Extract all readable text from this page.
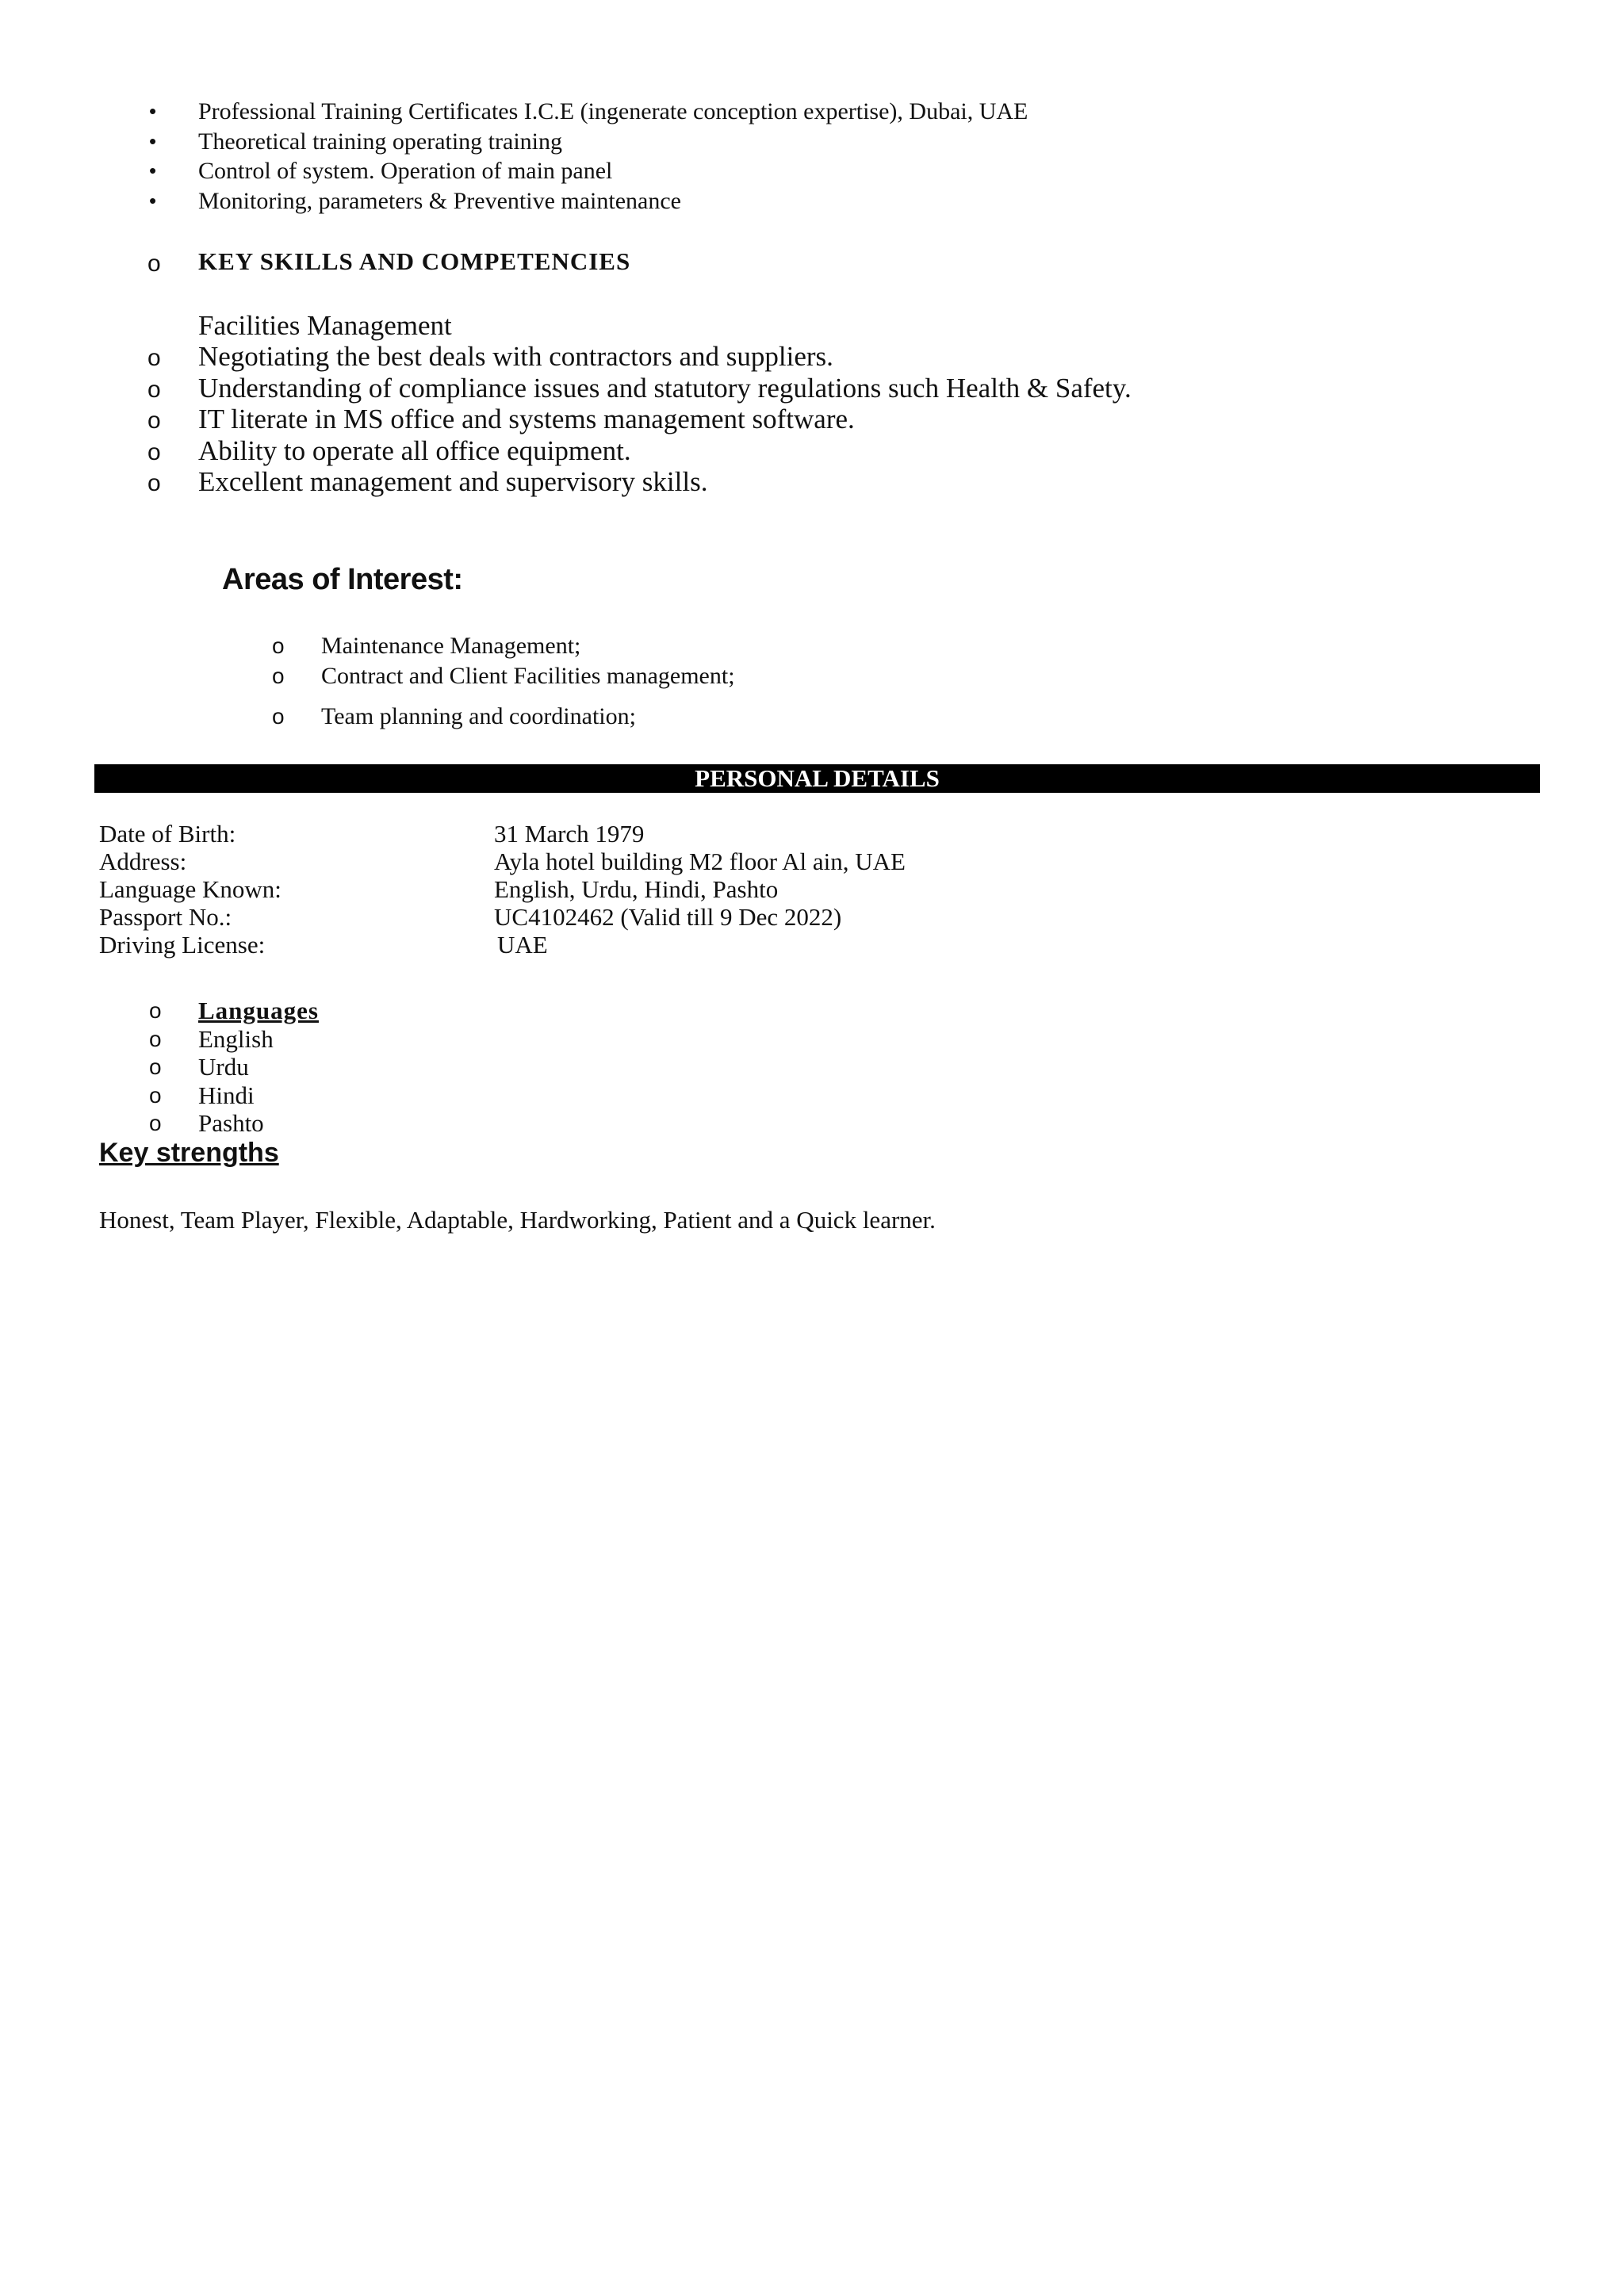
• Professional Training Certificates I.C.E (ingenerate conception expertise), Dubai, UAE
• Theoretical training operating training
• Control of system. Operation of main panel
• Monitoring, parameters & Preventive maintenance
o KEY SKILLS AND COMPETENCIES
Facilities Management
o Negotiating the best deals with contractors and suppliers.
o Understanding of compliance issues and statutory regulations such Health & Safety.
o IT literate in MS office and systems management software.
o Ability to operate all office equipment.
o Excellent management and supervisory skills.
Areas of Interest:
o Maintenance Management;
o Contract and Client Facilities management;
o Team planning and coordination;
PERSONAL DETAILS
Date of Birth:	31 March 1979
Address:	Ayla hotel building M2 floor Al ain, UAE
Language Known:	English, Urdu, Hindi, Pashto
Passport No.:	UC4102462 (Valid till 9 Dec 2022)
Driving License:	UAE
o Languages
o English
o Urdu
o Hindi
o Pashto
Key strengths
Honest, Team Player, Flexible, Adaptable, Hardworking, Patient and a Quick learner.
